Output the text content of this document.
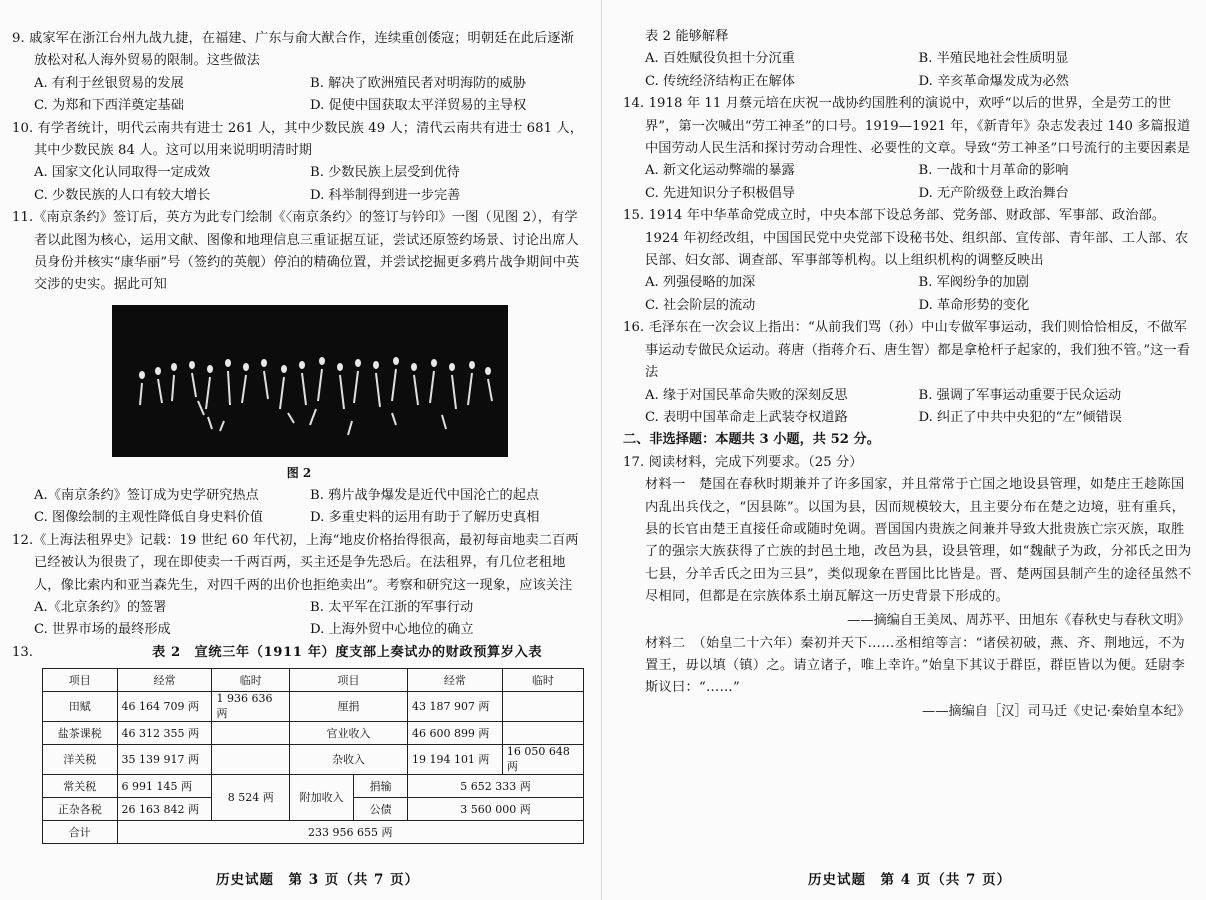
9. 戚家军在浙江台州九战九捷，在福建、广东与俞大猷合作，连续重创倭寇；明朝廷在此后逐渐放松对私人海外贸易的限制。这些做法

A. 有利于丝银贸易的发展	B. 解决了欧洲殖民者对明海防的威胁
C. 为郑和下西洋奠定基础	D. 促使中国获取太平洋贸易的主导权

10. 有学者统计，明代云南共有进士 261 人，其中少数民族 49 人；清代云南共有进士 681 人，其中少数民族 84 人。这可以用来说明明清时期

A. 国家文化认同取得一定成效	B. 少数民族上层受到优待
C. 少数民族的人口有较大增长	D. 科举制得到进一步完善

11.《南京条约》签订后，英方为此专门绘制《〈南京条约〉的签订与钤印》一图（见图 2），有学者以此图为核心，运用文献、图像和地理信息三重证据互证，尝试还原签约场景、讨论出席人员身份并核实“康华丽”号（签约的英舰）停泊的精确位置，并尝试挖掘更多鸦片战争期间中英交涉的史实。据此可知

图 2
A.《南京条约》签订成为史学研究热点	B. 鸦片战争爆发是近代中国沦亡的起点
C. 图像绘制的主观性降低自身史料价值	D. 多重史料的运用有助于了解历史真相

12.《上海法租界史》记载：19 世纪 60 年代初，上海“地皮价格抬得很高，最初每亩地卖二百两已经被认为很贵了，现在即使卖一千两百两，买主还是争先恐后。在法租界，有几位老租地人，像比索内和亚当森先生，对四千两的出价也拒绝卖出”。考察和研究这一现象，应该关注

A.《北京条约》的签署	B. 太平军在江浙的军事行动
C. 世界市场的最终形成	D. 上海外贸中心地位的确立
13.	表 2　宣统三年（1911 年）度支部上奏试办的财政预算岁入表
项目	经常	临时	项目		经常	临时
田赋	46 164 709 两	1 936 636 两	厘捐		43 187 907 两	
盐茶课税	46 312 355 两		官业收入		46 600 899 两	
洋关税	35 139 917 两		杂收入		19 194 101 两	16 050 648 两
常关税	6 991 145 两	8 524 两	附加收入	捐输	5 652 333 两	
正杂各税	26 163 842 两			公债	3 560 000 两	
合计	233 956 655 两					
历史试题　第 3 页（共 7 页）

表 2 能够解释

A. 百姓赋役负担十分沉重	B. 半殖民地社会性质明显
C. 传统经济结构正在解体	D. 辛亥革命爆发成为必然

14. 1918 年 11 月蔡元培在庆祝一战协约国胜利的演说中，欢呼“以后的世界，全是劳工的世界”，第一次喊出“劳工神圣”的口号。1919—1921 年，《新青年》杂志发表过 140 多篇报道中国劳动人民生活和探讨劳动合理性、必要性的文章。导致“劳工神圣”口号流行的主要因素是

A. 新文化运动弊端的暴露	B. 一战和十月革命的影响
C. 先进知识分子积极倡导	D. 无产阶级登上政治舞台

15. 1914 年中华革命党成立时，中央本部下设总务部、党务部、财政部、军事部、政治部。1924 年初经改组，中国国民党中央党部下设秘书处、组织部、宣传部、青年部、工人部、农民部、妇女部、调查部、军事部等机构。以上组织机构的调整反映出

A. 列强侵略的加深	B. 军阀纷争的加剧
C. 社会阶层的流动	D. 革命形势的变化

16. 毛泽东在一次会议上指出：“从前我们骂（孙）中山专做军事运动，我们则恰恰相反，不做军事运动专做民众运动。蒋唐（指蒋介石、唐生智）都是拿枪杆子起家的，我们独不管。”这一看法

A. 缘于对国民革命失败的深刻反思	B. 强调了军事运动重要于民众运动
C. 表明中国革命走上武装夺权道路	D. 纠正了中共中央犯的“左”倾错误
二、非选择题：本题共 3 小题，共 52 分。

17. 阅读材料，完成下列要求。（25 分）

材料一　楚国在春秋时期兼并了许多国家，并且常常于亡国之地设县管理，如楚庄王趁陈国内乱出兵伐之，“因县陈”。以国为县，因而规模较大，且主要分布在楚之边境，驻有重兵，县的长官由楚王直接任命或随时免调。晋国国内贵族之间兼并导致大批贵族亡宗灭族，取胜了的强宗大族获得了亡族的封邑土地，改邑为县，设县管理，如“魏献子为政，分祁氏之田为七县，分羊舌氏之田为三县”，类似现象在晋国比比皆是。晋、楚两国县制产生的途径虽然不尽相同，但都是在宗族体系土崩瓦解这一历史背景下形成的。

——摘编自王美凤、周苏平、田旭东《春秋史与春秋文明》

材料二　（始皇二十六年）秦初并天下……丞相绾等言：“诸侯初破，燕、齐、荆地远，不为置王，毋以填（镇）之。请立诸子，唯上幸许。”始皇下其议于群臣，群臣皆以为便。廷尉李斯议曰：“……”

——摘编自［汉］司马迁《史记·秦始皇本纪》
历史试题　第 4 页（共 7 页）
